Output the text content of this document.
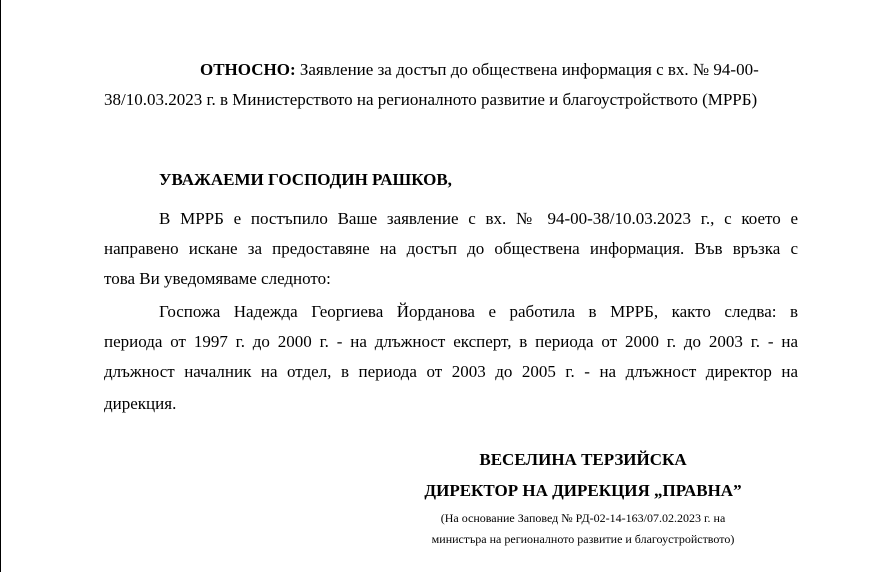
ОТНОСНО: Заявление за достъп до обществена информация с вх. № 94-00-
38/10.03.2023 г. в Министерството на регионалното развитие и благоустройството (МРРБ)
УВАЖАЕМИ ГОСПОДИН РАШКОВ,
В МРРБ е постъпило Ваше заявление с вх. № 94-00-38/10.03.2023 г., с което е
направено искане за предоставяне на достъп до обществена информация. Във връзка с
това Ви уведомяваме следното:
Госпожа Надежда Георгиева Йорданова е работила в МРРБ, както следва: в
периода от 1997 г. до 2000 г. - на длъжност експерт, в периода от 2000 г. до 2003 г. - на
длъжност началник на отдел, в периода от 2003 до 2005 г. - на длъжност директор на
дирекция.
ВЕСЕЛИНА ТЕРЗИЙСКА
ДИРЕКТОР НА ДИРЕКЦИЯ „ПРАВНА”
(На основание Заповед № РД-02-14-163/07.02.2023 г. на
министъра на регионалното развитие и благоустройството)
